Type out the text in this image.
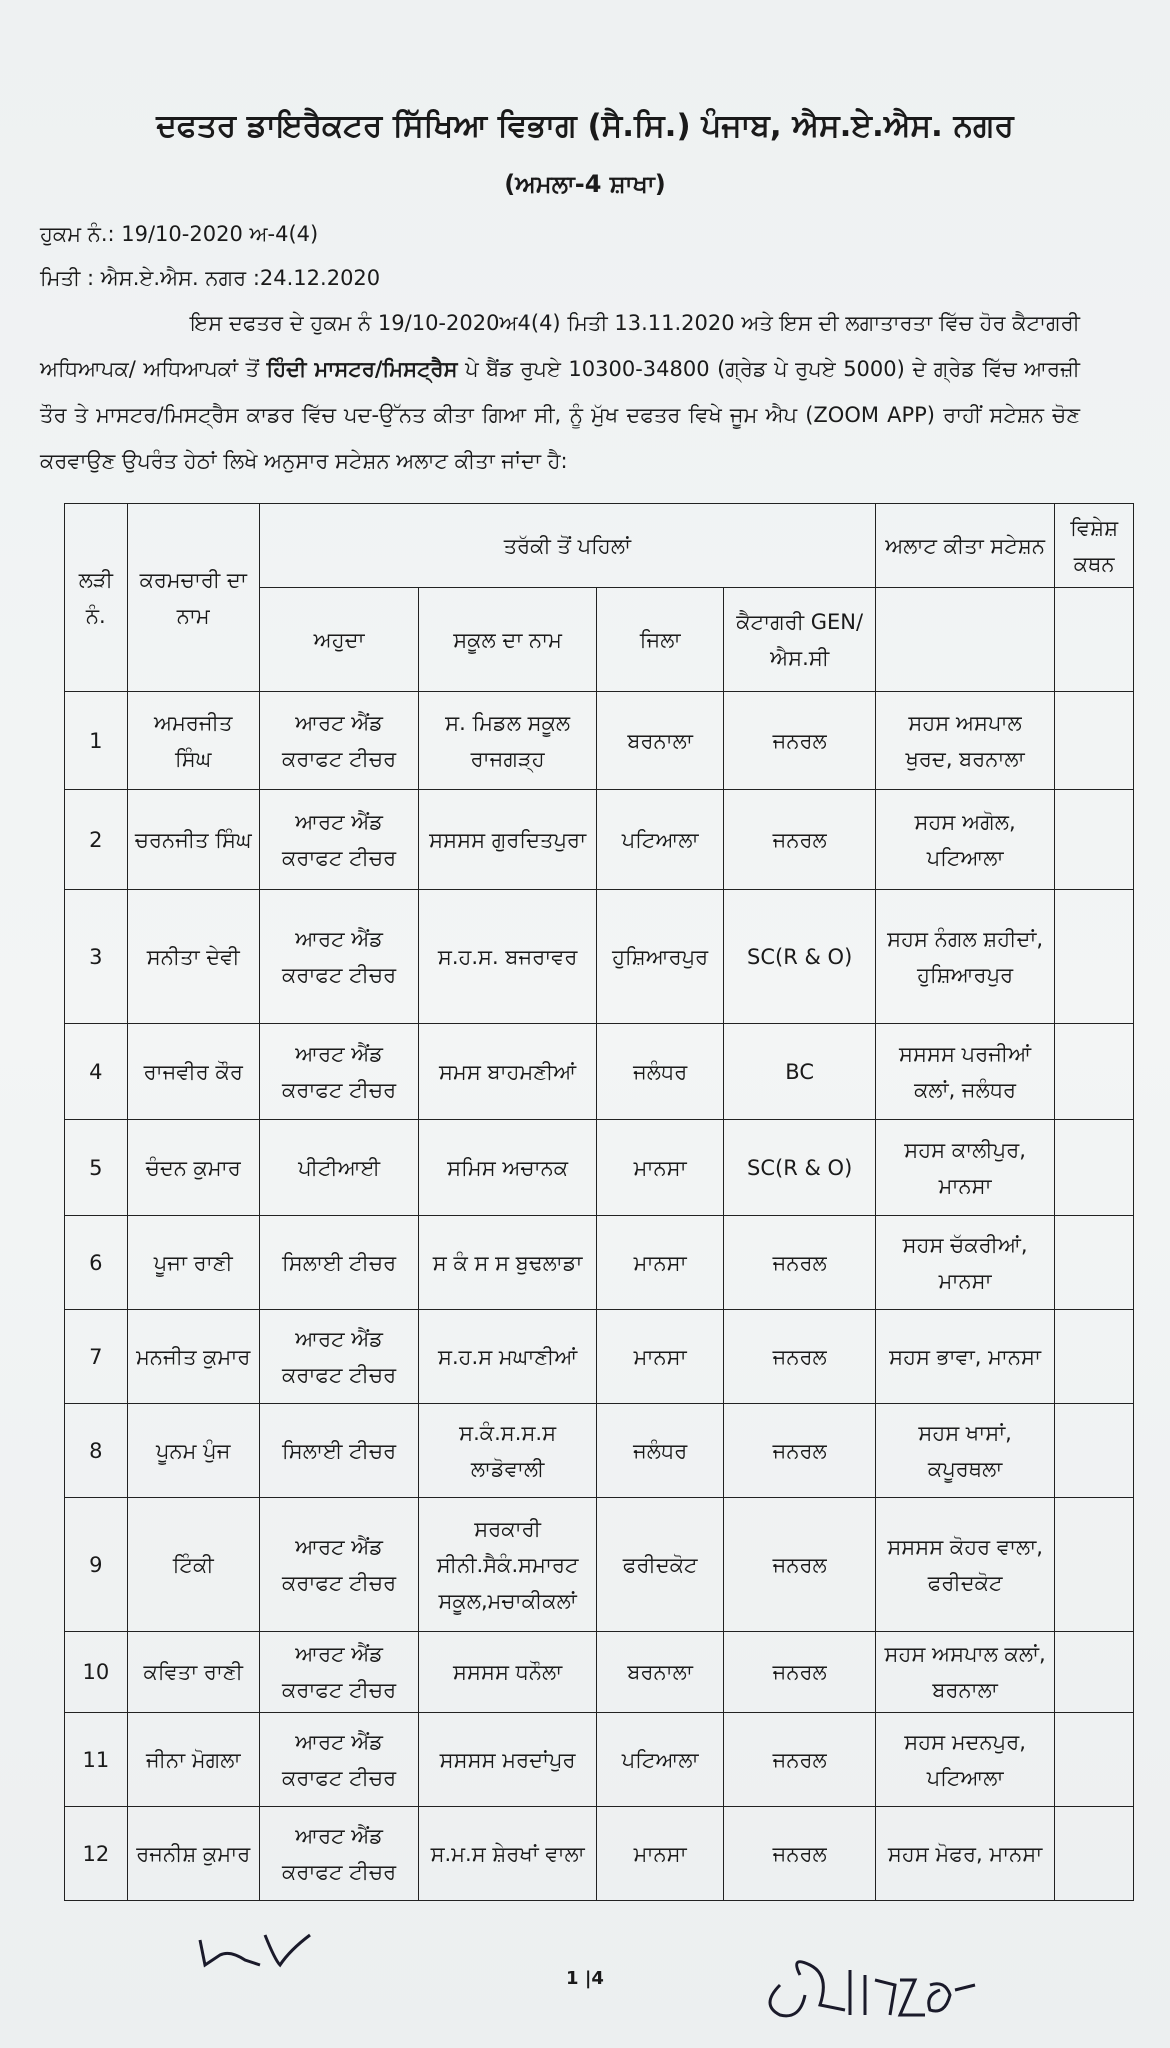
ਦਫਤਰ ਡਾਇਰੈਕਟਰ ਸਿੱਖਿਆ ਵਿਭਾਗ (ਸੈ.ਸਿ.) ਪੰਜਾਬ, ਐਸ.ਏ.ਐਸ. ਨਗਰ
(ਅਮਲਾ-4 ਸ਼ਾਖਾ)
ਹੁਕਮ ਨੰ.: 19/10-2020 ਅ-4(4)
ਮਿਤੀ : ਐਸ.ਏ.ਐਸ. ਨਗਰ :24.12.2020
ਇਸ ਦਫਤਰ ਦੇ ਹੁਕਮ ਨੰ 19/10-2020ਅ4(4) ਮਿਤੀ 13.11.2020 ਅਤੇ ਇਸ ਦੀ ਲਗਾਤਾਰਤਾ ਵਿੱਚ ਹੋਰ ਕੈਟਾਗਰੀ ਅਧਿਆਪਕ/ ਅਧਿਆਪਕਾਂ ਤੋਂ ਹਿੰਦੀ ਮਾਸਟਰ/ਮਿਸਟ੍ਰੈਸ ਪੇ ਬੈਂਡ ਰੁਪਏ 10300-34800 (ਗ੍ਰੇਡ ਪੇ ਰੁਪਏ 5000) ਦੇ ਗ੍ਰੇਡ ਵਿੱਚ ਆਰਜ਼ੀ ਤੌਰ ਤੇ ਮਾਸਟਰ/ਮਿਸਟ੍ਰੈਸ ਕਾਡਰ ਵਿੱਚ ਪਦ-ਉੱਨਤ ਕੀਤਾ ਗਿਆ ਸੀ, ਨੂੰ ਮੁੱਖ ਦਫਤਰ ਵਿਖੇ ਜੂਮ ਐਪ (ZOOM APP) ਰਾਹੀਂ ਸਟੇਸ਼ਨ ਚੋਣ ਕਰਵਾਉਣ ਉਪਰੰਤ ਹੇਠਾਂ ਲਿਖੇ ਅਨੁਸਾਰ ਸਟੇਸ਼ਨ ਅਲਾਟ ਕੀਤਾ ਜਾਂਦਾ ਹੈ:
ਲੜੀ ਨੰ.	ਕਰਮਚਾਰੀ ਦਾ ਨਾਮ	ਤਰੱਕੀ ਤੋਂ ਪਹਿਲਾਂ				ਅਲਾਟ ਕੀਤਾ ਸਟੇਸ਼ਨ	ਵਿਸ਼ੇਸ਼ ਕਥਨ
		ਅਹੁਦਾ	ਸਕੂਲ ਦਾ ਨਾਮ	ਜਿਲਾ	ਕੈਟਾਗਰੀ GEN/ਐਸ.ਸੀ		
1	ਅਮਰਜੀਤ ਸਿੰਘ	ਆਰਟ ਐਂਡ ਕਰਾਫਟ ਟੀਚਰ	ਸ. ਮਿਡਲ ਸਕੂਲ ਰਾਜਗੜ੍ਹ	ਬਰਨਾਲਾ	ਜਨਰਲ	ਸਹਸ ਅਸਪਾਲ ਖੁਰਦ, ਬਰਨਾਲਾ	
2	ਚਰਨਜੀਤ ਸਿੰਘ	ਆਰਟ ਐਂਡ ਕਰਾਫਟ ਟੀਚਰ	ਸਸਸਸ ਗੁਰਦਿਤਪੁਰਾ	ਪਟਿਆਲਾ	ਜਨਰਲ	ਸਹਸ ਅਗੋਲ, ਪਟਿਆਲਾ	
3	ਸਨੀਤਾ ਦੇਵੀ	ਆਰਟ ਐਂਡ ਕਰਾਫਟ ਟੀਚਰ	ਸ.ਹ.ਸ. ਬਜਰਾਵਰ	ਹੁਸ਼ਿਆਰਪੁਰ	SC(R & O)	ਸਹਸ ਨੰਗਲ ਸ਼ਹੀਦਾਂ, ਹੁਸ਼ਿਆਰਪੁਰ	
4	ਰਾਜਵੀਰ ਕੌਰ	ਆਰਟ ਐਂਡ ਕਰਾਫਟ ਟੀਚਰ	ਸਮਸ ਬਾਹਮਣੀਆਂ	ਜਲੰਧਰ	BC	ਸਸਸਸ ਪਰਜੀਆਂ ਕਲਾਂ, ਜਲੰਧਰ	
5	ਚੰਦਨ ਕੁਮਾਰ	ਪੀਟੀਆਈ	ਸਮਿਸ ਅਚਾਨਕ	ਮਾਨਸਾ	SC(R & O)	ਸਹਸ ਕਾਲੀਪੁਰ, ਮਾਨਸਾ	
6	ਪੂਜਾ ਰਾਣੀ	ਸਿਲਾਈ ਟੀਚਰ	ਸ ਕੰ ਸ ਸ ਬੁਢਲਾਡਾ	ਮਾਨਸਾ	ਜਨਰਲ	ਸਹਸ ਚੱਕਰੀਆਂ, ਮਾਨਸਾ	
7	ਮਨਜੀਤ ਕੁਮਾਰ	ਆਰਟ ਐਂਡ ਕਰਾਫਟ ਟੀਚਰ	ਸ.ਹ.ਸ ਮਘਾਣੀਆਂ	ਮਾਨਸਾ	ਜਨਰਲ	ਸਹਸ ਭਾਵਾ, ਮਾਨਸਾ	
8	ਪੂਨਮ ਪੁੰਜ	ਸਿਲਾਈ ਟੀਚਰ	ਸ.ਕੰ.ਸ.ਸ.ਸ ਲਾਡੋਵਾਲੀ	ਜਲੰਧਰ	ਜਨਰਲ	ਸਹਸ ਖਾਸਾਂ, ਕਪੂਰਥਲਾ	
9	ਟਿੰਕੀ	ਆਰਟ ਐਂਡ ਕਰਾਫਟ ਟੀਚਰ	ਸਰਕਾਰੀ ਸੀਨੀ.ਸੈਕੰ.ਸਮਾਰਟ ਸਕੂਲ,ਮਚਾਕੀਕਲਾਂ	ਫਰੀਦਕੋਟ	ਜਨਰਲ	ਸਸਸਸ ਕੋਹਰ ਵਾਲਾ, ਫਰੀਦਕੋਟ	
10	ਕਵਿਤਾ ਰਾਣੀ	ਆਰਟ ਐਂਡ ਕਰਾਫਟ ਟੀਚਰ	ਸਸਸਸ ਧਨੌਲਾ	ਬਰਨਾਲਾ	ਜਨਰਲ	ਸਹਸ ਅਸਪਾਲ ਕਲਾਂ, ਬਰਨਾਲਾ	
11	ਜੀਨਾ ਮੋਗਲਾ	ਆਰਟ ਐਂਡ ਕਰਾਫਟ ਟੀਚਰ	ਸਸਸਸ ਮਰਦਾਂਪੁਰ	ਪਟਿਆਲਾ	ਜਨਰਲ	ਸਹਸ ਮਦਨਪੁਰ, ਪਟਿਆਲਾ	
12	ਰਜਨੀਸ਼ ਕੁਮਾਰ	ਆਰਟ ਐਂਡ ਕਰਾਫਟ ਟੀਚਰ	ਸ.ਮ.ਸ ਸ਼ੇਰਖਾਂ ਵਾਲਾ	ਮਾਨਸਾ	ਜਨਰਲ	ਸਹਸ ਮੋਫਰ, ਮਾਨਸਾ	
1 |4
